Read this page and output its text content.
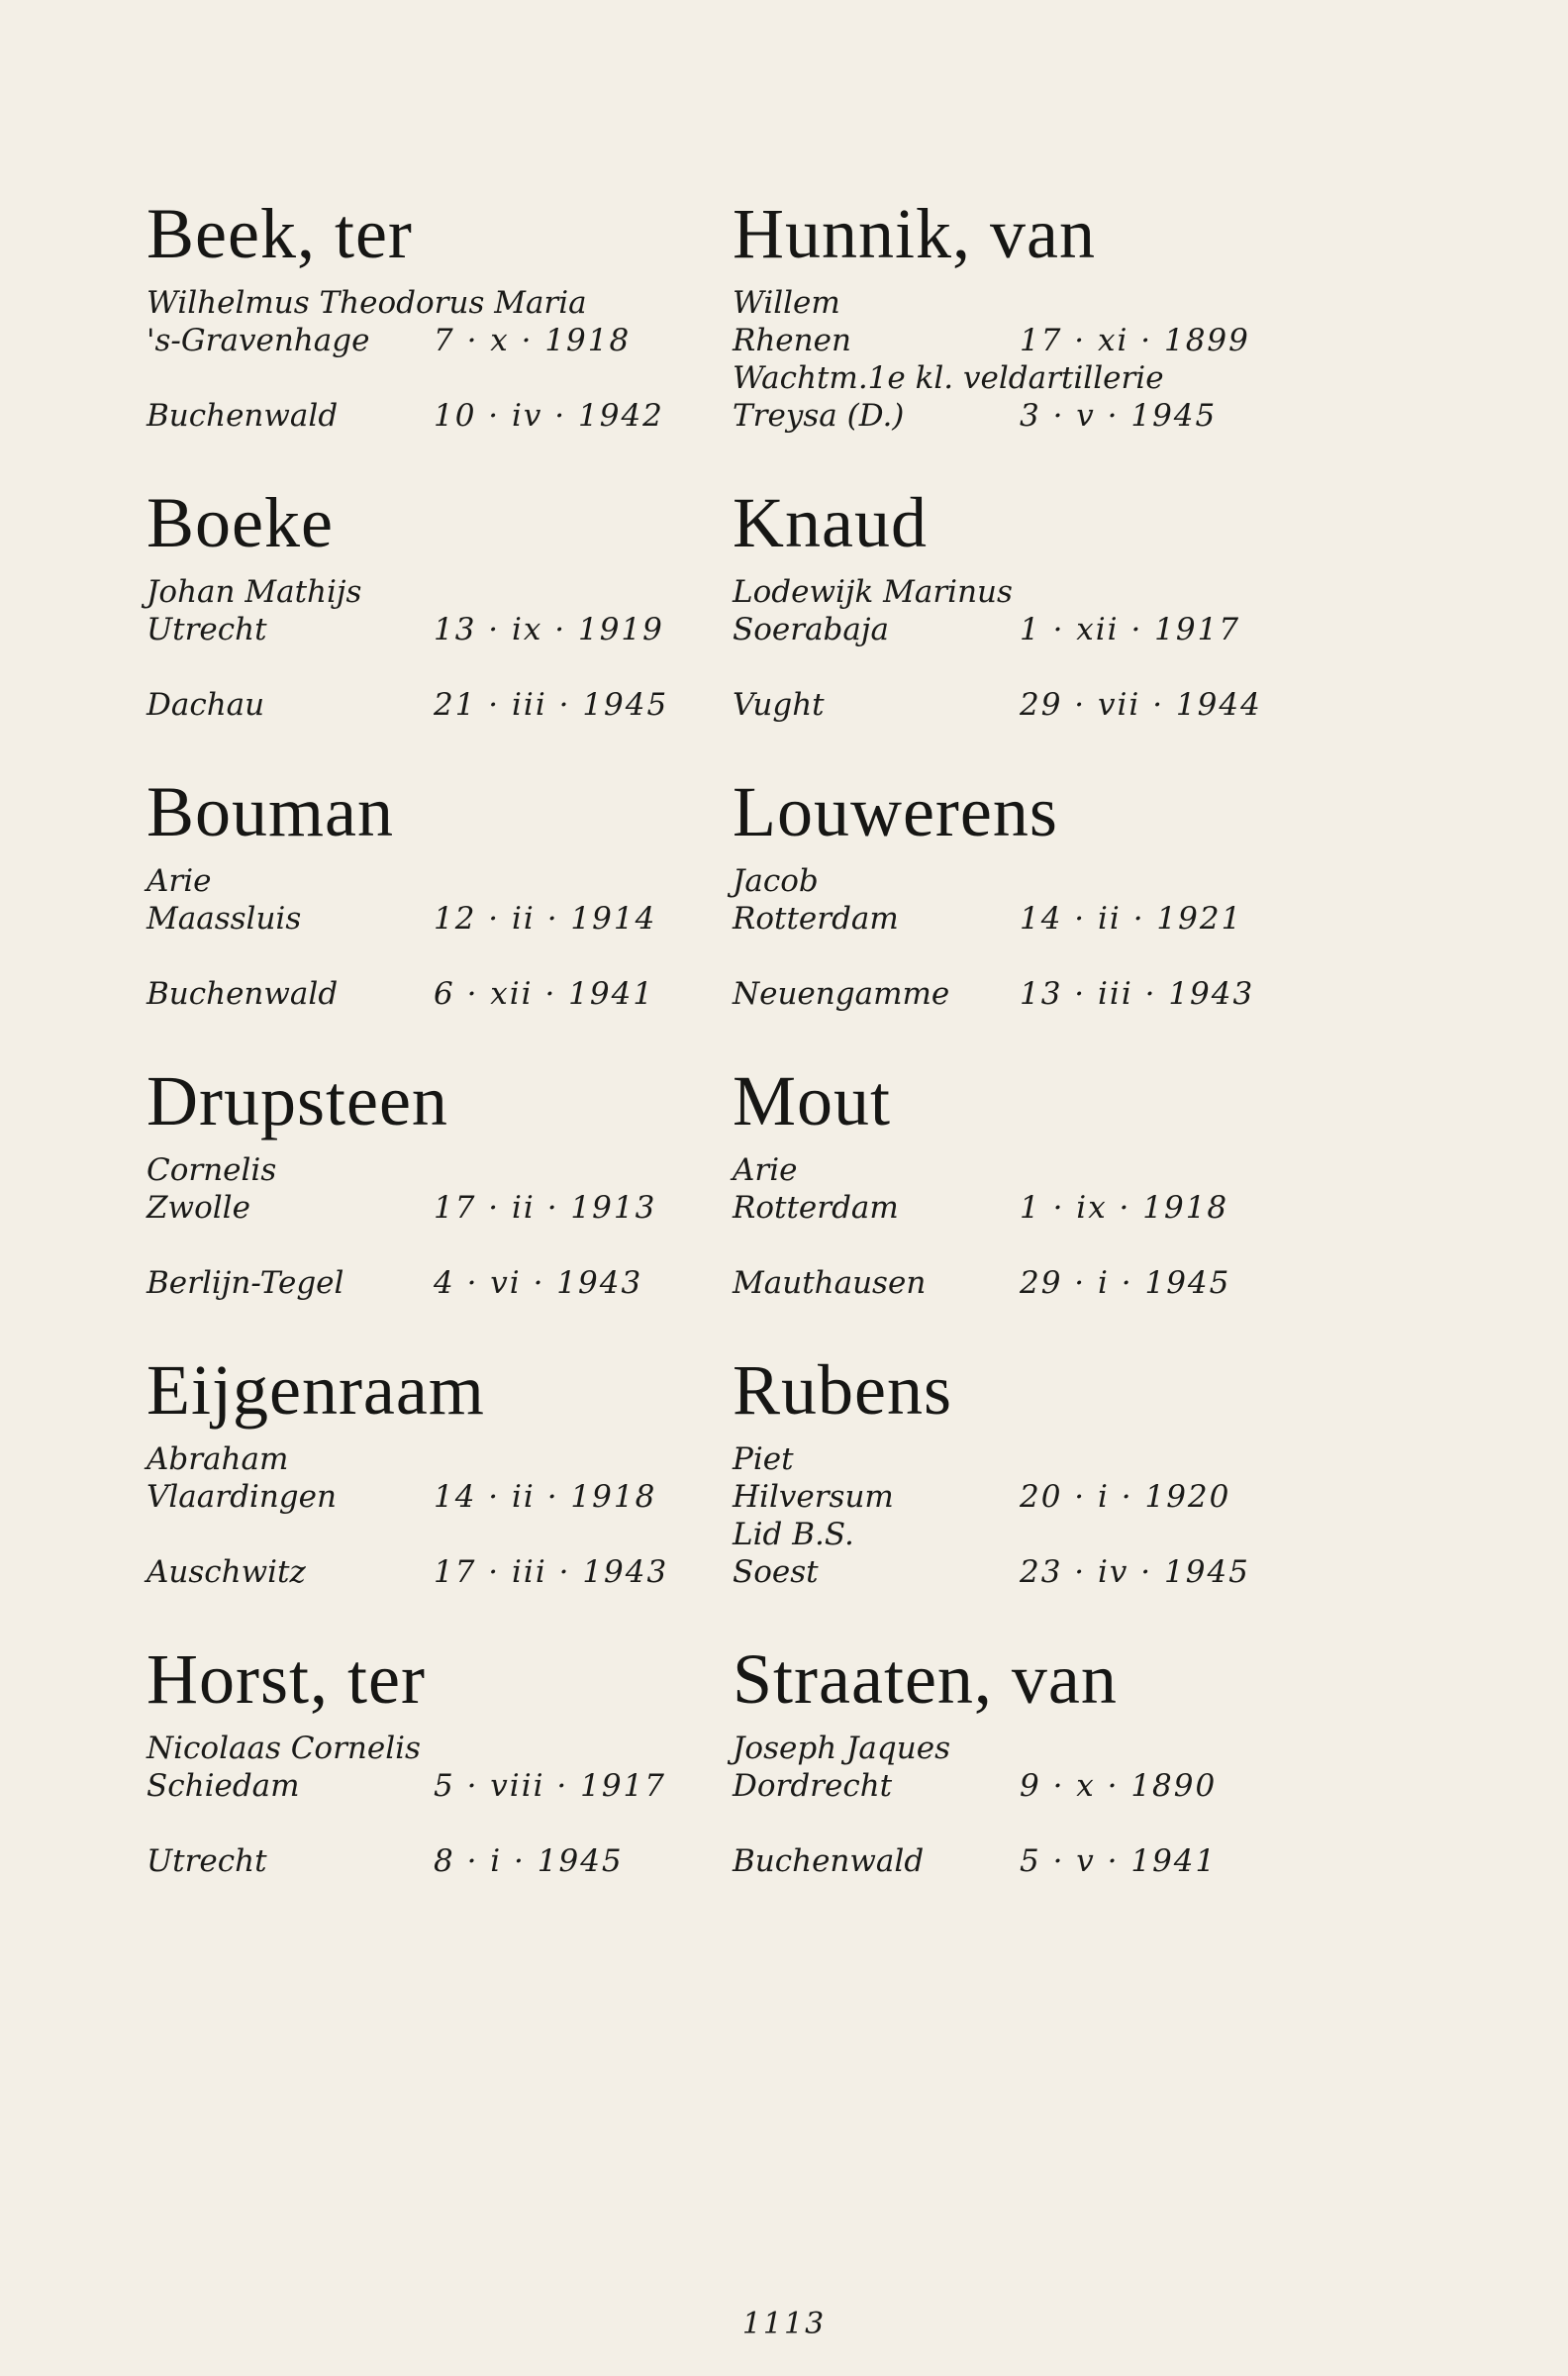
Beek, ter
Wilhelmus Theodorus Maria
's-Gravenhage 7 · x · 1918
Buchenwald	10 · iv · 1942
Boeke
Johan Mathijs
Utrecht	13 · ix · 1919
Dachau	21 · iii · 1945
Bouman
Arie
Maassluis	12 · ii · 1914
Buchenwald	6 · xii · 1941
Drupsteen
Cornelis
Zwolle	17 · ii · 1913
Berlijn-Tegel	4 · vi · 1943
Eijgenraam
Abraham
Vlaardingen	14 · ii · 1918
Auschwitz	17 · iii · 1943
Horst, ter
Nicolaas Cornelis
Schiedam	5 · viii · 1917
Utrecht	8 · i · 1945
Hunnik, van
Willem
Rhenen	17 · xi · 1899
Wachtm.1e kl. veldartillerie
Treysa (D.)	3 · v · 1945
Knaud
Lodewijk Marinus
Soerabaja	1 · xii · 1917
Vught	29 · vii · 1944
Louwerens
Jacob
Rotterdam	14 · ii · 1921
Neuengamme 13 · iii · 1943
Mout
Arie
Rotterdam	1 · ix · 1918
Mauthausen	29 · i · 1945
Rubens
Piet
Hilversum	20 · i · 1920
Lid B.S.
Soest	23 · iv · 1945
Straaten, van
Joseph Jaques
Dordrecht	9 · x · 1890
Buchenwald	5 · v · 1941
1113
